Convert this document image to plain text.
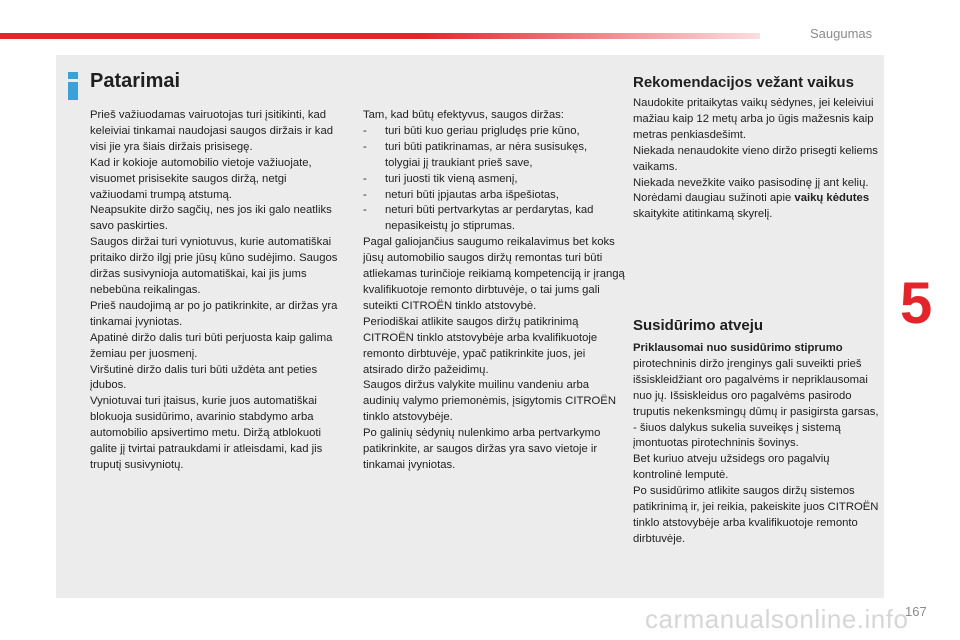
Saugumas
Patarimai

Prieš važiuodamas vairuotojas turi įsitikinti, kad keleiviai tinkamai naudojasi saugos diržais ir kad visi jie yra šiais diržais prisisegę.

Kad ir kokioje automobilio vietoje važiuojate, visuomet prisisekite saugos diržą, netgi važiuodami trumpą atstumą.

Neapsukite diržo sagčių, nes jos iki galo neatliks savo paskirties.

Saugos diržai turi vyniotuvus, kurie automatiškai pritaiko diržo ilgį prie jūsų kūno sudėjimo. Saugos diržas susivynioja automatiškai, kai jis jums nebebūna reikalingas.

Prieš naudojimą ar po jo patikrinkite, ar diržas yra tinkamai įvyniotas.

Apatinė diržo dalis turi būti perjuosta kaip galima žemiau per juosmenį.

Viršutinė diržo dalis turi būti uždėta ant peties įdubos.

Vyniotuvai turi įtaisus, kurie juos automatiškai blokuoja susidūrimo, avarinio stabdymo arba automobilio apsivertimo metu. Diržą atblokuoti galite jį tvirtai patraukdami ir atleisdami, kad jis truputį susivyniotų.

Tam, kad būtų efektyvus, saugos diržas:

-	turi būti kuo geriau prigludęs prie kūno,
-	turi būti patikrinamas, ar nėra susisukęs, tolygiai jį traukiant prieš save,
-	turi juosti tik vieną asmenį,
-	neturi būti įpjautas arba išpešiotas,
-	neturi būti pertvarkytas ar perdarytas, kad nepasikeistų jo stiprumas.

Pagal galiojančius saugumo reikalavimus bet koks jūsų automobilio saugos diržų remontas turi būti atliekamas turinčioje reikiamą kompetenciją ir įrangą kvalifikuotoje remonto dirbtuvėje, o tai jums gali suteikti CITROËN tinklo atstovybė.

Periodiškai atlikite saugos diržų patikrinimą CITROËN tinklo atstovybėje arba kvalifikuotoje remonto dirbtuvėje, ypač patikrinkite juos, jei atsirado diržo pažeidimų.

Saugos diržus valykite muilinu vandeniu arba audinių valymo priemonėmis, įsigytomis CITROËN tinklo atstovybėje.

Po galinių sėdynių nulenkimo arba pertvarkymo patikrinkite, ar saugos diržas yra savo vietoje ir tinkamai įvyniotas.

Rekomendacijos vežant vaikus

Naudokite pritaikytas vaikų sėdynes, jei keleiviui mažiau kaip 12 metų arba jo ūgis mažesnis kaip metras penkiasdešimt.

Niekada nenaudokite vieno diržo prisegti keliems vaikams.

Niekada nevežkite vaiko pasisodinę jį ant kelių.

Norėdami daugiau sužinoti apie vaikų kėdutes skaitykite atitinkamą skyrelį.

Susidūrimo atveju

Priklausomai nuo susidūrimo stiprumo pirotechninis diržo įrenginys gali suveikti prieš išsiskleidžiant oro pagalvėms ir nepriklausomai nuo jų. Išsiskleidus oro pagalvėms pasirodo truputis nekenksmingų dūmų ir pasigirsta garsas, - šiuos dalykus sukelia suveikęs į sistemą įmontuotas pirotechninis šovinys.

Bet kuriuo atveju užsidegs oro pagalvių kontrolinė lemputė.

Po susidūrimo atlikite saugos diržų sistemos patikrinimą ir, jei reikia, pakeiskite juos CITROËN tinklo atstovybėje arba kvalifikuotoje remonto dirbtuvėje.

5
carmanualsonline.info
167
